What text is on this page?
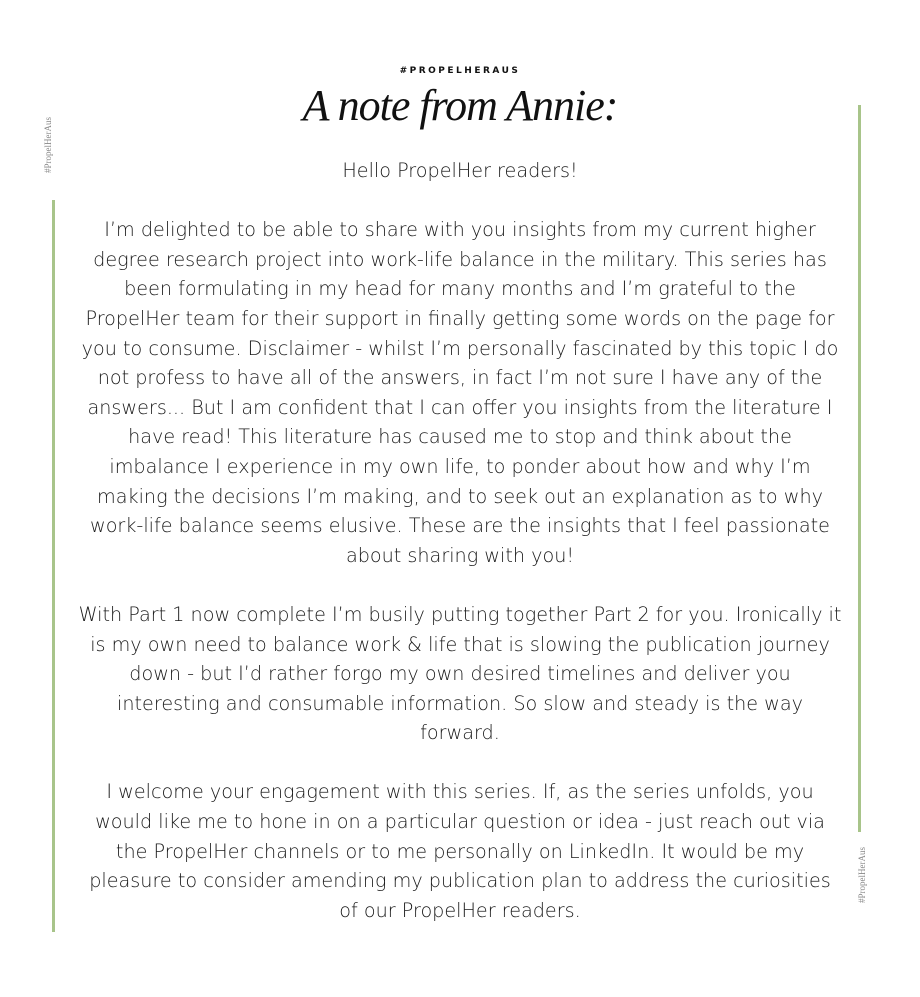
#PROPELHERAUS
A note from Annie:
#PropelHerAus
#PropelHerAus

Hello PropelHer readers!

I’m delighted to be able to share with you insights from my current higher degree research project into work-life balance in the military. This series has been formulating in my head for many months and I’m grateful to the PropelHer team for their support in finally getting some words on the page for you to consume. Disclaimer - whilst I’m personally fascinated by this topic I do not profess to have all of the answers, in fact I’m not sure I have any of the answers... But I am confident that I can offer you insights from the literature I have read! This literature has caused me to stop and think about the imbalance I experience in my own life, to ponder about how and why I’m making the decisions I’m making, and to seek out an explanation as to why work-life balance seems elusive. These are the insights that I feel passionate about sharing with you!

With Part 1 now complete I’m busily putting together Part 2 for you. Ironically it is my own need to balance work & life that is slowing the publication journey down - but I’d rather forgo my own desired timelines and deliver you interesting and consumable information. So slow and steady is the way forward.

I welcome your engagement with this series. If, as the series unfolds, you would like me to hone in on a particular question or idea - just reach out via the PropelHer channels or to me personally on LinkedIn. It would be my pleasure to consider amending my publication plan to address the curiosities of our PropelHer readers.
